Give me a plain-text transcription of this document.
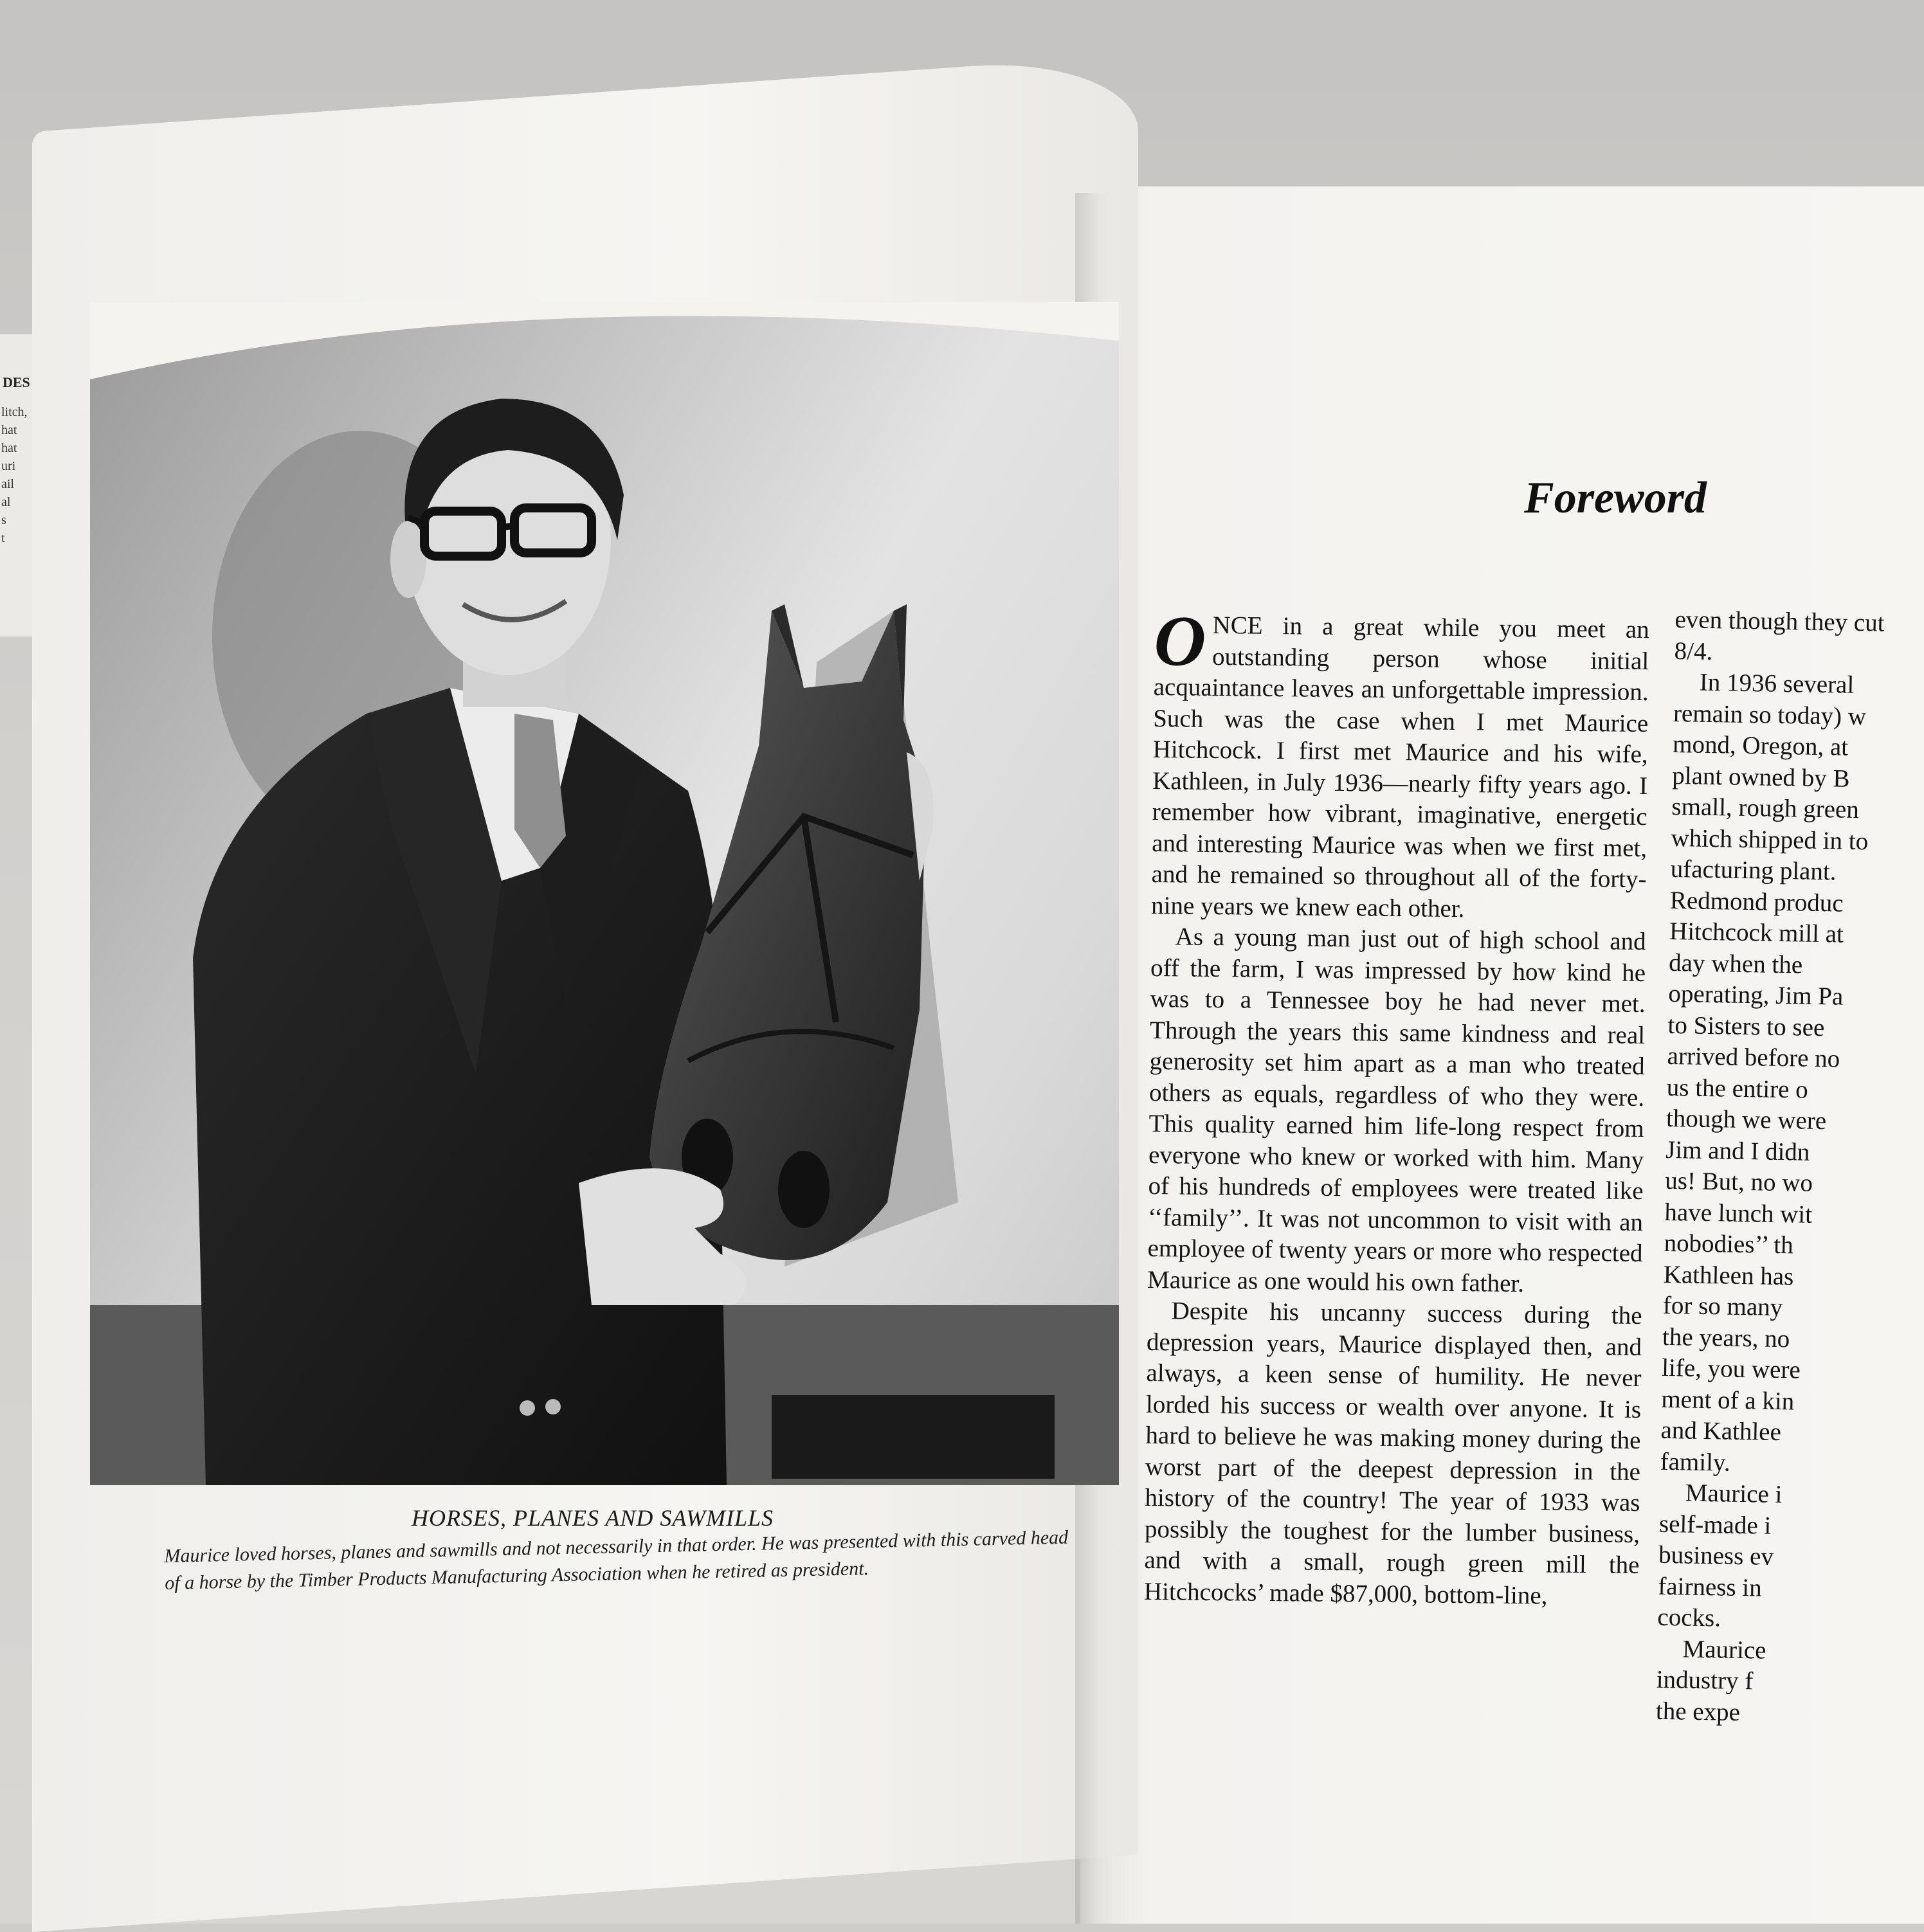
DES
litch,
hat
hat
uri
ail
al
s
t
HORSES, PLANES AND SAWMILLS
Maurice loved horses, planes and sawmills and not necessarily in that order. He was presented with this carved head of a horse by the Timber Products Manufacturing Association when he retired as president.
Foreword

ONCE in a great while you meet an outstanding person whose initial acquaintance leaves an unforgettable impression. Such was the case when I met Maurice Hitchcock. I first met Maurice and his wife, Kathleen, in July 1936—nearly fifty years ago. I remember how vibrant, imaginative, energetic and interesting Maurice was when we first met, and he remained so throughout all of the forty-nine years we knew each other.

As a young man just out of high school and off the farm, I was impressed by how kind he was to a Tennessee boy he had never met. Through the years this same kindness and real generosity set him apart as a man who treated others as equals, regardless of who they were. This quality earned him life-long respect from everyone who knew or worked with him. Many of his hundreds of employees were treated like ‘‘family’’. It was not uncommon to visit with an employee of twenty years or more who respected Maurice as one would his own father.

Despite his uncanny success during the depression years, Maurice displayed then, and always, a keen sense of humility. He never lorded his success or wealth over anyone. It is hard to believe he was making money during the worst part of the deepest depression in the history of the country! The year of 1933 was possibly the toughest for the lumber business, and with a small, rough green mill the Hitchcocks’ made $87,000, bottom-line,

even though they cut
8/4.
In 1936 several
remain so today) w
mond, Oregon, at
plant owned by B
small, rough green
which shipped in to
ufacturing plant.
Redmond produc
Hitchcock mill at
day when the
operating, Jim Pa
to Sisters to see
arrived before no
us the entire o
though we were
Jim and I didn
us! But, no wo
have lunch wit
nobodies’’ th
Kathleen has
for so many
the years, no
life, you were
ment of a kin
and Kathlee
family.
Maurice i
self-made i
business ev
fairness in
cocks.
Maurice
industry f
the expe
